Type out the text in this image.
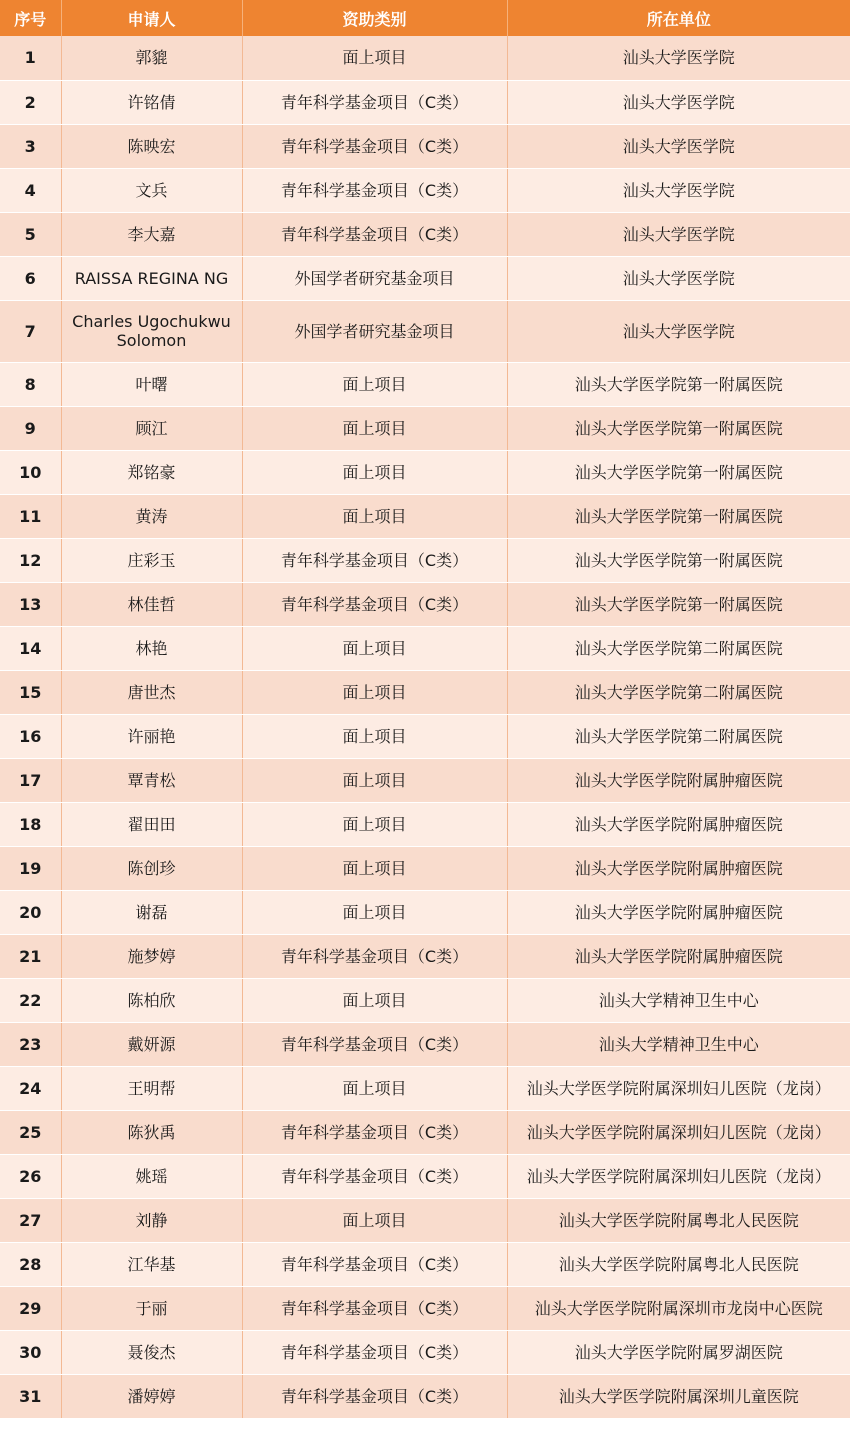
序号	申请人	资助类别	所在单位
1	郭貔	面上项目	汕头大学医学院
2	许铭倩	青年科学基金项目（C类）	汕头大学医学院
3	陈映宏	青年科学基金项目（C类）	汕头大学医学院
4	文兵	青年科学基金项目（C类）	汕头大学医学院
5	李大嘉	青年科学基金项目（C类）	汕头大学医学院
6	RAISSA REGINA NG	外国学者研究基金项目	汕头大学医学院
7	Charles Ugochukwu Solomon	外国学者研究基金项目	汕头大学医学院
8	叶曙	面上项目	汕头大学医学院第一附属医院
9	顾江	面上项目	汕头大学医学院第一附属医院
10	郑铭豪	面上项目	汕头大学医学院第一附属医院
11	黄涛	面上项目	汕头大学医学院第一附属医院
12	庄彩玉	青年科学基金项目（C类）	汕头大学医学院第一附属医院
13	林佳哲	青年科学基金项目（C类）	汕头大学医学院第一附属医院
14	林艳	面上项目	汕头大学医学院第二附属医院
15	唐世杰	面上项目	汕头大学医学院第二附属医院
16	许丽艳	面上项目	汕头大学医学院第二附属医院
17	覃青松	面上项目	汕头大学医学院附属肿瘤医院
18	翟田田	面上项目	汕头大学医学院附属肿瘤医院
19	陈创珍	面上项目	汕头大学医学院附属肿瘤医院
20	谢磊	面上项目	汕头大学医学院附属肿瘤医院
21	施梦婷	青年科学基金项目（C类）	汕头大学医学院附属肿瘤医院
22	陈柏欣	面上项目	汕头大学精神卫生中心
23	戴妍源	青年科学基金项目（C类）	汕头大学精神卫生中心
24	王明帮	面上项目	汕头大学医学院附属深圳妇儿医院（龙岗）
25	陈狄禹	青年科学基金项目（C类）	汕头大学医学院附属深圳妇儿医院（龙岗）
26	姚瑶	青年科学基金项目（C类）	汕头大学医学院附属深圳妇儿医院（龙岗）
27	刘静	面上项目	汕头大学医学院附属粤北人民医院
28	江华基	青年科学基金项目（C类）	汕头大学医学院附属粤北人民医院
29	于丽	青年科学基金项目（C类）	汕头大学医学院附属深圳市龙岗中心医院
30	聂俊杰	青年科学基金项目（C类）	汕头大学医学院附属罗湖医院
31	潘婷婷	青年科学基金项目（C类）	汕头大学医学院附属深圳儿童医院
